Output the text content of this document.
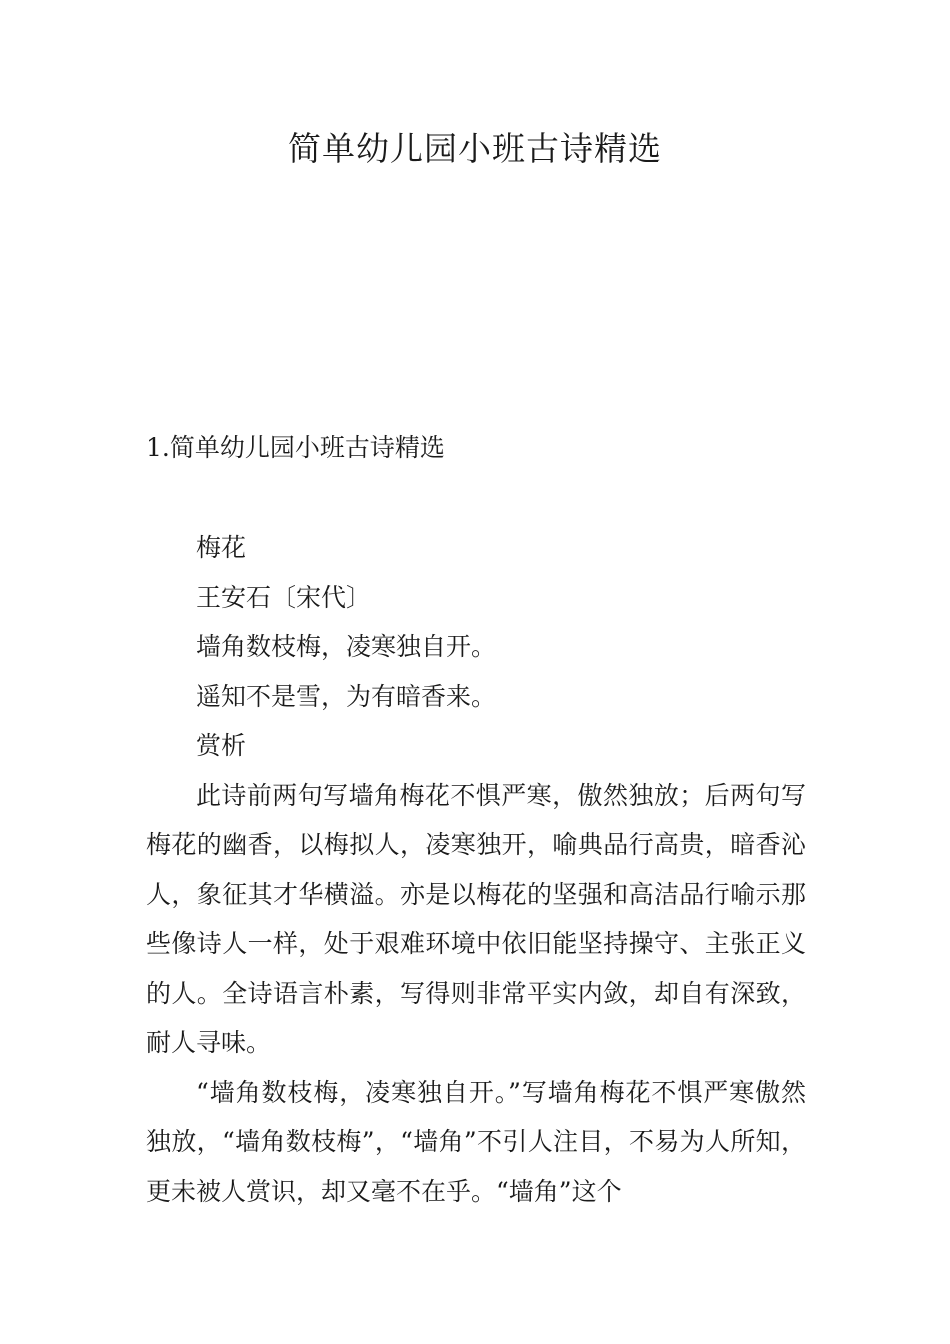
简单幼儿园小班古诗精选
1.简单幼儿园小班古诗精选

梅花

王安石〔宋代〕

墙角数枝梅，凌寒独自开。

遥知不是雪，为有暗香来。

赏析

此诗前两句写墙角梅花不惧严寒，傲然独放；后两句写梅花的幽香，以梅拟人，凌寒独开，喻典品行高贵，暗香沁人，象征其才华横溢。亦是以梅花的坚强和高洁品行喻示那些像诗人一样，处于艰难环境中依旧能坚持操守、主张正义的人。全诗语言朴素，写得则非常平实内敛，却自有深致，耐人寻味。

“墙角数枝梅，凌寒独自开。”写墙角梅花不惧严寒傲然独放，“墙角数枝梅”，“墙角”不引人注目，不易为人所知，更未被人赏识，却又毫不在乎。“墙角”这个
